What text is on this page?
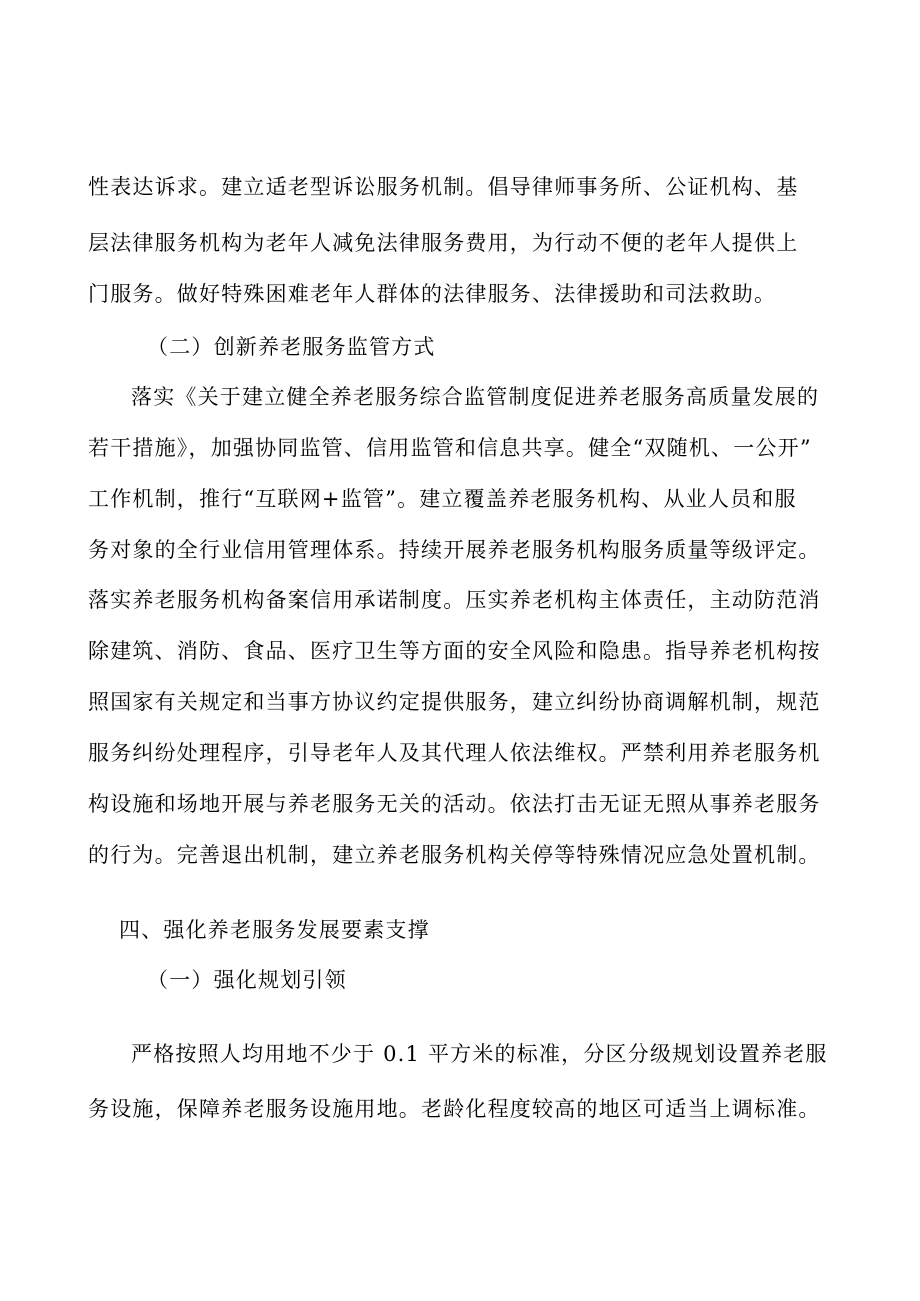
性表达诉求。建立适老型诉讼服务机制。倡导律师事务所、公证机构、基
层法律服务机构为老年人减免法律服务费用，为行动不便的老年人提供上
门服务。做好特殊困难老年人群体的法律服务、法律援助和司法救助。
（二）创新养老服务监管方式
落实《关于建立健全养老服务综合监管制度促进养老服务高质量发展的
若干措施》，加强协同监管、信用监管和信息共享。健全“双随机、一公开”
工作机制，推行“互联网+监管”。建立覆盖养老服务机构、从业人员和服
务对象的全行业信用管理体系。持续开展养老服务机构服务质量等级评定。
落实养老服务机构备案信用承诺制度。压实养老机构主体责任，主动防范消
除建筑、消防、食品、医疗卫生等方面的安全风险和隐患。指导养老机构按
照国家有关规定和当事方协议约定提供服务，建立纠纷协商调解机制，规范
服务纠纷处理程序，引导老年人及其代理人依法维权。严禁利用养老服务机
构设施和场地开展与养老服务无关的活动。依法打击无证无照从事养老服务
的行为。完善退出机制，建立养老服务机构关停等特殊情况应急处置机制。
四、强化养老服务发展要素支撑
（一）强化规划引领
严格按照人均用地不少于 0.1 平方米的标准，分区分级规划设置养老服
务设施，保障养老服务设施用地。老龄化程度较高的地区可适当上调标准。
